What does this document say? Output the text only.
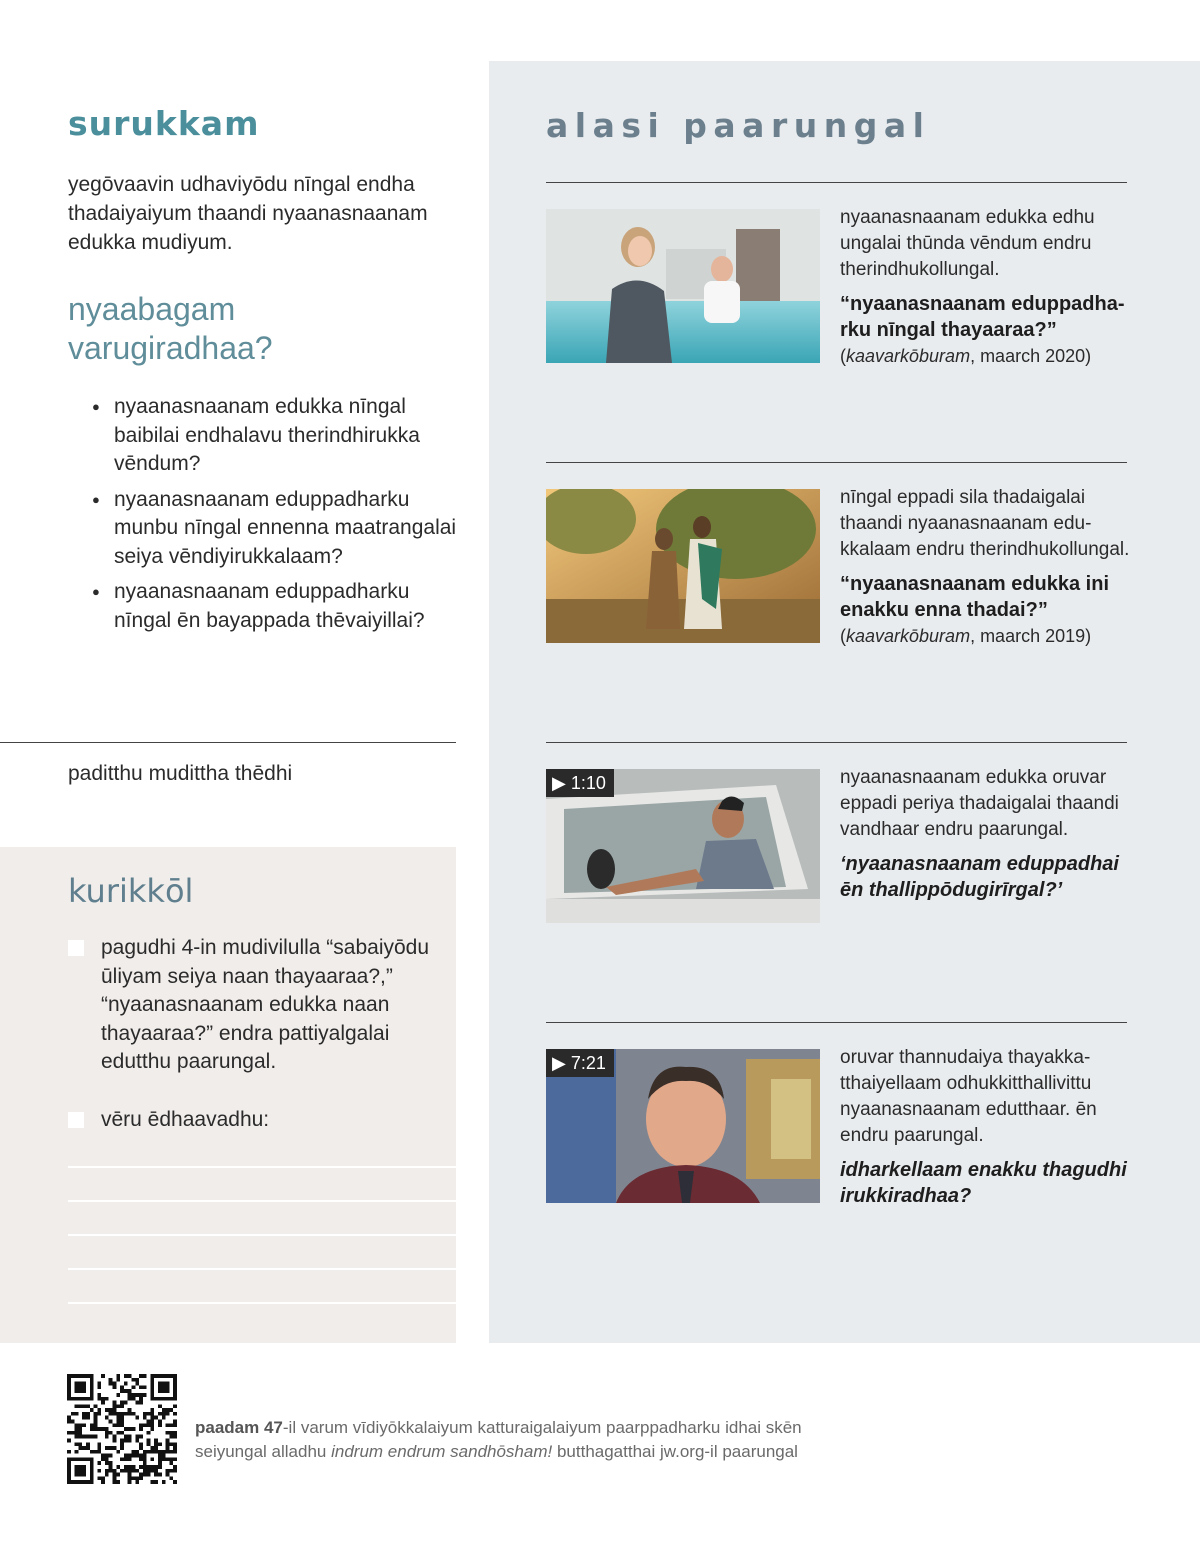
surukkam
yegōvaavin udhaviyōdu nīngal endha thadaiyaiyum thaandi nyaanasnaanam edukka mudiyum.
nyaabagam varugiradhaa?
● nyaanasnaanam edukka nīngal baibilai endhalavu therindhirukka vēndum?
● nyaanasnaanam eduppadharku munbu nīngal ennenna maatrangalai seiya vēndiyirukkalaam?
● nyaanasnaanam eduppadharku nīngal ēn bayappada thēvaiyillai?
paditthu mudittha thēdhi
kurikkōl
pagudhi 4-in mudivilulla “sabaiyōdu ūliyam seiya naan thayaaraa?,” “nyaanasnaanam edukka naan thayaaraa?” endra pattiyalgalai edutthu paarungal.
vēru ēdhaavadhu:
alasi paarungal
nyaanasnaanam edukka edhu ungalai thūnda vēndum endru therindhukollungal.
“nyaanasnaanam eduppadharku nīngal thayaaraa?”
(kaavarkōburam, maarch 2020)
nīngal eppadi sila thadaigalai thaandi nyaanasnaanam edukkalaam endru therindhukollungal.
“nyaanasnaanam edukka ini enakku enna thadai?”
(kaavarkōburam, maarch 2019)
▶ 1:10	nyaanasnaanam edukka oruvar eppadi periya thadaigalai thaandi vandhaar endru paarungal.
‘nyaanasnaanam eduppadhai ēn thallippōdugirīrgal?’
▶ 7:21	oruvar thannudaiya thayakkatthaiyellaam odhukkitthallivittu nyaanasnaanam edutthaar. ēn endru paarungal.
idharkellaam enakku thagudhi irukkiradhaa?
paadam 47-il varum vīdiyōkkalaiyum katturaigalaiyum paarppadharku idhai skēn seiyungal alladhu indrum endrum sandhōsham! butthagatthai jw.org-il paarungal
